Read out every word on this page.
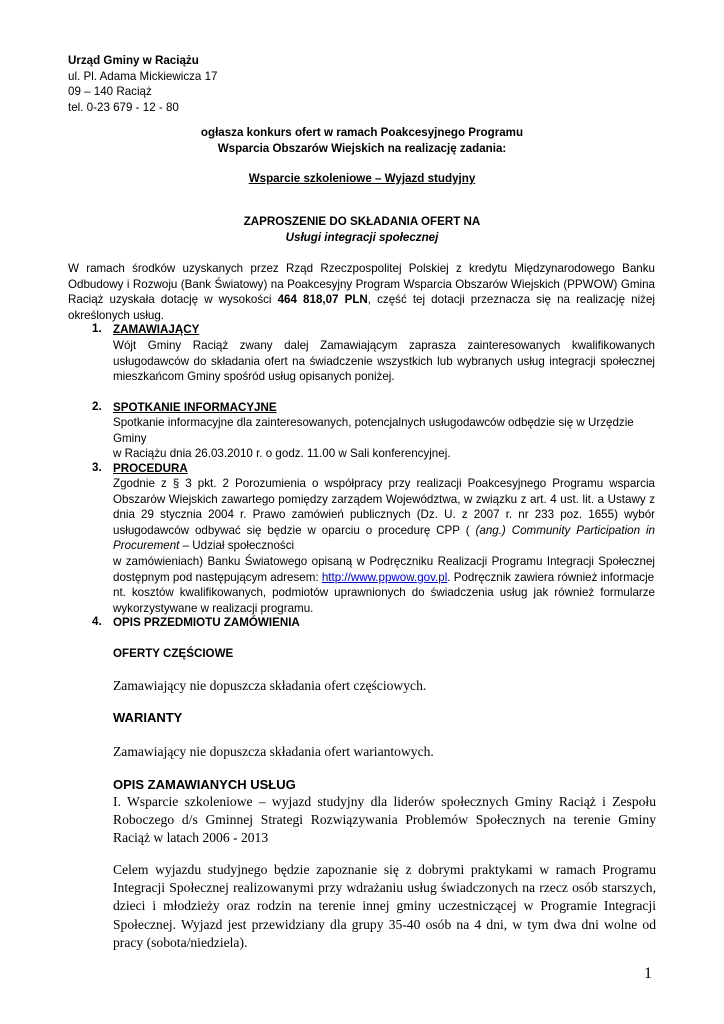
Urząd Gminy w Raciążu
ul. Pl. Adama Mickiewicza 17
09 – 140 Raciąż
tel. 0-23 679 - 12 - 80
ogłasza konkurs ofert w ramach Poakcesyjnego Programu
Wsparcia Obszarów Wiejskich na realizację zadania:
Wsparcie szkoleniowe – Wyjazd studyjny
ZAPROSZENIE DO SKŁADANIA OFERT NA
Usługi integracji społecznej
W ramach środków uzyskanych przez Rząd Rzeczpospolitej Polskiej z kredytu Międzynarodowego Banku Odbudowy i Rozwoju (Bank Światowy) na Poakcesyjny Program Wsparcia Obszarów Wiejskich (PPWOW) Gmina Raciąż uzyskała dotację w wysokości 464 818,07 PLN, część tej dotacji przeznacza się na realizację niżej określonych usług.
1. ZAMAWIAJĄCY
Wójt Gminy Raciąż zwany dalej Zamawiającym zaprasza zainteresowanych kwalifikowanych usługodawców do składania ofert na świadczenie wszystkich lub wybranych usług integracji społecznej mieszkańcom Gminy spośród usług opisanych poniżej.
2. SPOTKANIE INFORMACYJNE
Spotkanie informacyjne dla zainteresowanych, potencjalnych usługodawców odbędzie się w Urzędzie Gminy
w Raciążu dnia 26.03.2010 r. o godz. 11.00 w Sali konferencyjnej.
3. PROCEDURA
Zgodnie z § 3 pkt. 2 Porozumienia o współpracy przy realizacji Poakcesyjnego Programu wsparcia Obszarów Wiejskich zawartego pomiędzy zarządem Województwa, w związku z art. 4 ust. lit. a Ustawy z dnia 29 stycznia 2004 r. Prawo zamówień publicznych (Dz. U. z 2007 r. nr 233 poz. 1655) wybór usługodawców odbywać się będzie w oparciu o procedurę CPP ( (ang.) Community Participation in Procurement – Udział społeczności
w zamówieniach) Banku Światowego opisaną w Podręczniku Realizacji Programu Integracji Społecznej dostępnym pod następującym adresem: http://www.ppwow.gov.pl. Podręcznik zawiera również informacje
nt. kosztów kwalifikowanych, podmiotów uprawnionych do świadczenia usług jak również formularze wykorzystywane w realizacji programu.
4. OPIS PRZEDMIOTU ZAMÓWIENIA
OFERTY CZĘŚCIOWE
Zamawiający nie dopuszcza składania ofert częściowych.
WARIANTY
Zamawiający nie dopuszcza składania ofert wariantowych.
OPIS ZAMAWIANYCH USŁUG
I. Wsparcie szkoleniowe – wyjazd studyjny dla liderów społecznych Gminy Raciąż i Zespołu Roboczego d/s Gminnej Strategi Rozwiązywania Problemów Społecznych na terenie Gminy Raciąż w latach 2006 - 2013
Celem wyjazdu studyjnego będzie zapoznanie się z dobrymi praktykami w ramach Programu Integracji Społecznej realizowanymi przy wdrażaniu usług świadczonych na rzecz osób starszych, dzieci i młodzieży oraz rodzin na terenie innej gminy uczestniczącej w Programie Integracji Społecznej. Wyjazd jest przewidziany dla grupy 35-40 osób na 4 dni, w tym dwa dni wolne od pracy (sobota/niedziela).
1
